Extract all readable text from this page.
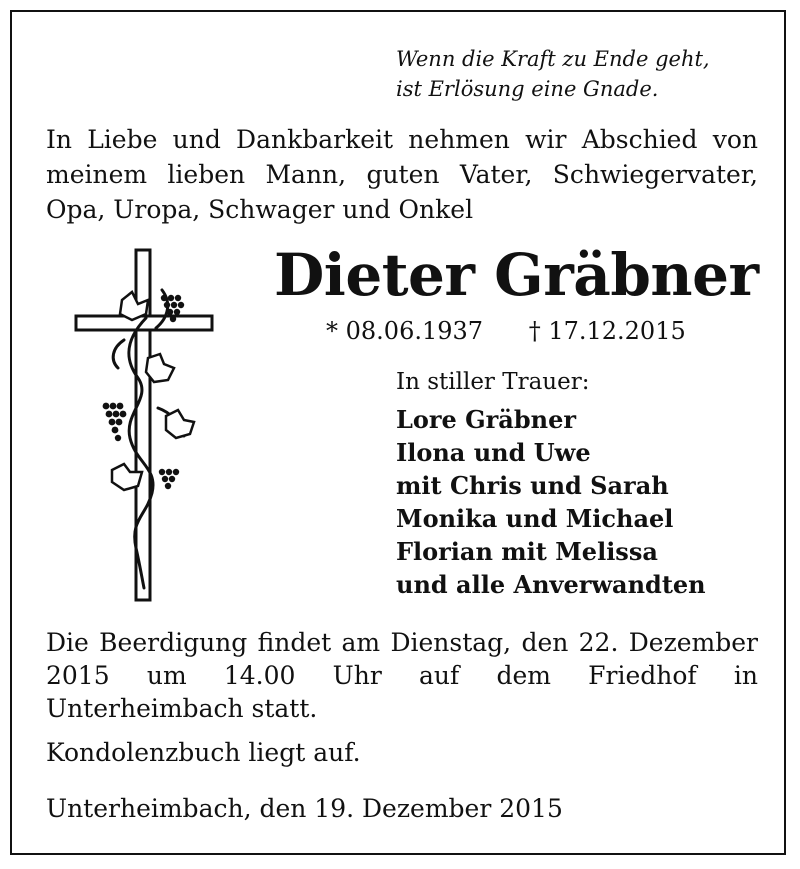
Wenn die Kraft zu Ende geht,
ist Erlösung eine Gnade.
In Liebe und Dankbarkeit nehmen wir Abschied von meinem lieben Mann, guten Vater, Schwiegervater, Opa, Uropa, Schwager und Onkel
Dieter Gräbner
* 08.06.1937 † 17.12.2015
In stiller Trauer:
Lore Gräbner
Ilona und Uwe
mit Chris und Sarah
Monika und Michael
Florian mit Melissa
und alle Anverwandten
Die Beerdigung findet am Dienstag, den 22. Dezember 2015 um 14.00 Uhr auf dem Friedhof in Unterheimbach statt.
Kondolenzbuch liegt auf.
Unterheimbach, den 19. Dezember 2015
